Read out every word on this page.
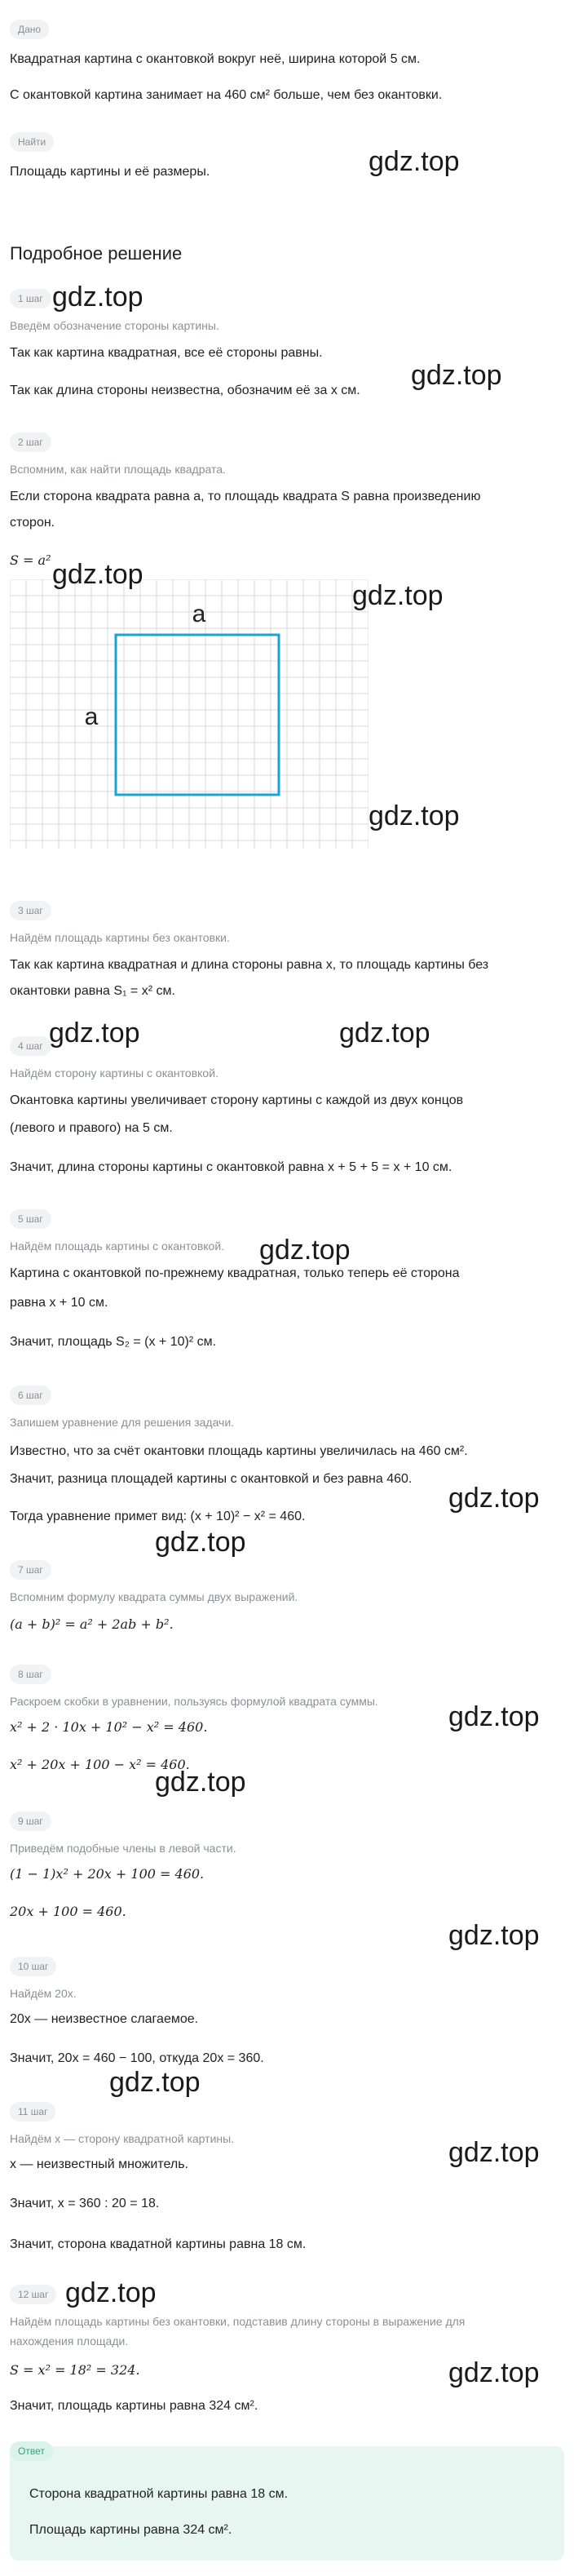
Дано
Квадратная картина с окантовкой вокруг неё, ширина которой 5 см.
С окантовкой картина занимает на 460 см² больше, чем без окантовки.
Найти
Площадь картины и её размеры.
Подробное решение
1 шаг
Введём обозначение стороны картины.
Так как картина квадратная, все её стороны равны.
Так как длина стороны неизвестна, обозначим её за x см.
2 шаг
Вспомним, как найти площадь квадрата.
Если сторона квадрата равна a, то площадь квадрата S равна произведению
сторон.
S = a²
a
a
3 шаг
Найдём площадь картины без окантовки.
Так как картина квадратная и длина стороны равна x, то площадь картины без
окантовки равна S₁ = x² см.
4 шаг
Найдём сторону картины с окантовкой.
Окантовка картины увеличивает сторону картины с каждой из двух концов
(левого и правого) на 5 см.
Значит, длина стороны картины с окантовкой равна x + 5 + 5 = x + 10 см.
5 шаг
Найдём площадь картины с окантовкой.
Картина с окантовкой по-прежнему квадратная, только теперь её сторона
равна x + 10 см.
Значит, площадь S₂ = (x + 10)² см.
6 шаг
Запишем уравнение для решения задачи.
Известно, что за счёт окантовки площадь картины увеличилась на 460 см².
Значит, разница площадей картины с окантовкой и без равна 460.
Тогда уравнение примет вид: (x + 10)² − x² = 460.
7 шаг
Вспомним формулу квадрата суммы двух выражений.
(a + b)² = a² + 2ab + b².
8 шаг
Раскроем скобки в уравнении, пользуясь формулой квадрата суммы.
x² + 2 · 10x + 10² − x² = 460.
x² + 20x + 100 − x² = 460.
9 шаг
Приведём подобные члены в левой части.
(1 − 1)x² + 20x + 100 = 460.
20x + 100 = 460.
10 шаг
Найдём 20x.
20x — неизвестное слагаемое.
Значит, 20x = 460 − 100, откуда 20x = 360.
11 шаг
Найдём x — сторону квадратной картины.
x — неизвестный множитель.
Значит, x = 360 : 20 = 18.
Значит, сторона квадатной картины равна 18 см.
12 шаг
Найдём площадь картины без окантовки, подставив длину стороны в выражение для
нахождения площади.
S = x² = 18² = 324.
Значит, площадь картины равна 324 см².
Ответ
Сторона квадратной картины равна 18 см.
Площадь картины равна 324 см².
gdz.top
gdz.top
gdz.top
gdz.top
gdz.top
gdz.top
gdz.top	gdz.top
gdz.top
gdz.top
gdz.top
gdz.top
gdz.top
gdz.top
gdz.top
gdz.top
gdz.top
gdz.top
